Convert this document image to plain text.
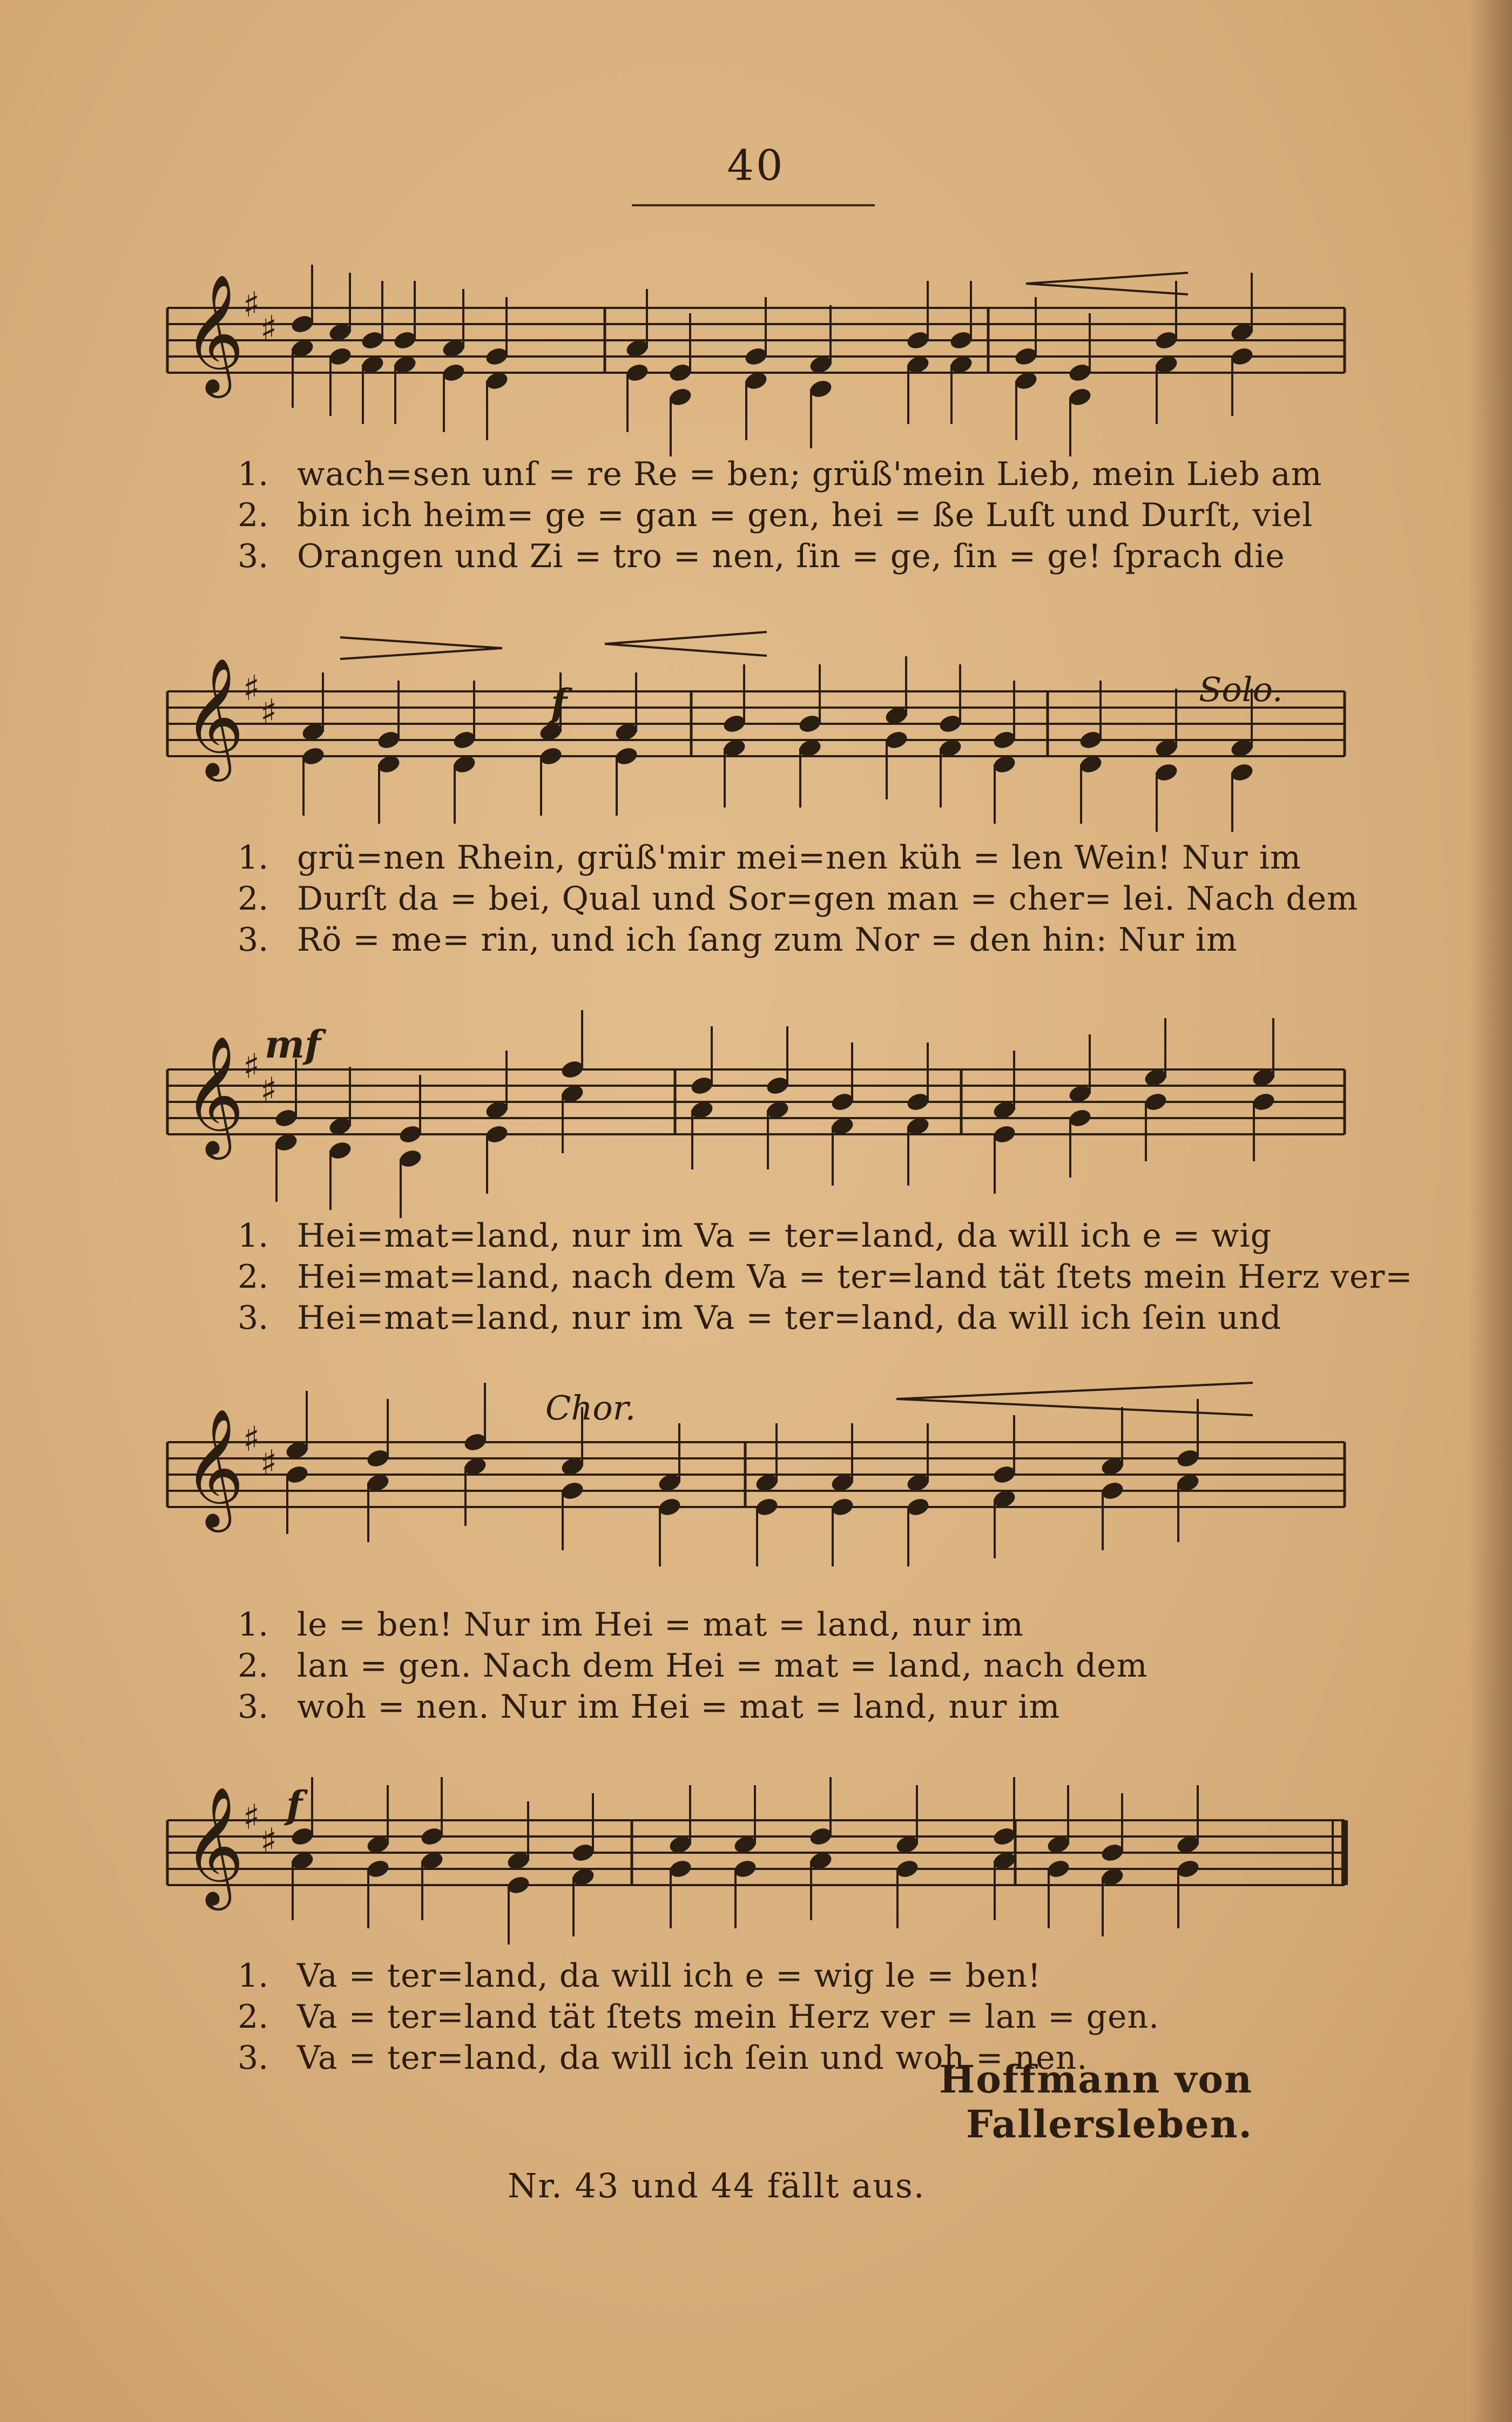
40
𝄞
♯
♯
1. wach=sen unſ = re Re = ben; grüß'mein Lieb, mein Lieb am
2. bin ich heim= ge = gan = gen, hei = ße Luſt und Durſt, viel
3. Orangen und Zi = tro = nen, ſin = ge, ſin = ge! ſprach die
𝄞
♯
♯	f	Solo.
1. grü=nen Rhein, grüß'mir mei=nen küh = len Wein! Nur im
2. Durſt da = bei, Qual und Sor=gen man = cher= lei. Nach dem
3. Rö = me= rin, und ich ſang zum Nor = den hin: Nur im
𝄞
♯
♯
mf
1. Hei=mat=land, nur im Va = ter=land, da will ich e = wig
2. Hei=mat=land, nach dem Va = ter=land tät ſtets mein Herz ver=
3. Hei=mat=land, nur im Va = ter=land, da will ich ſein und
𝄞
♯
♯
Chor.
1. le = ben! Nur im Hei = mat = land, nur im
2. lan = gen. Nach dem Hei = mat = land, nach dem
3. woh = nen. Nur im Hei = mat = land, nur im
𝄞
♯
♯
f
1. Va = ter=land, da will ich e = wig le = ben!
2. Va = ter=land tät ſtets mein Herz ver = lan = gen.
3. Va = ter=land, da will ich ſein und woh = nen.
Hoffmann von Fallersleben.
Nr. 43 und 44 fällt aus.
